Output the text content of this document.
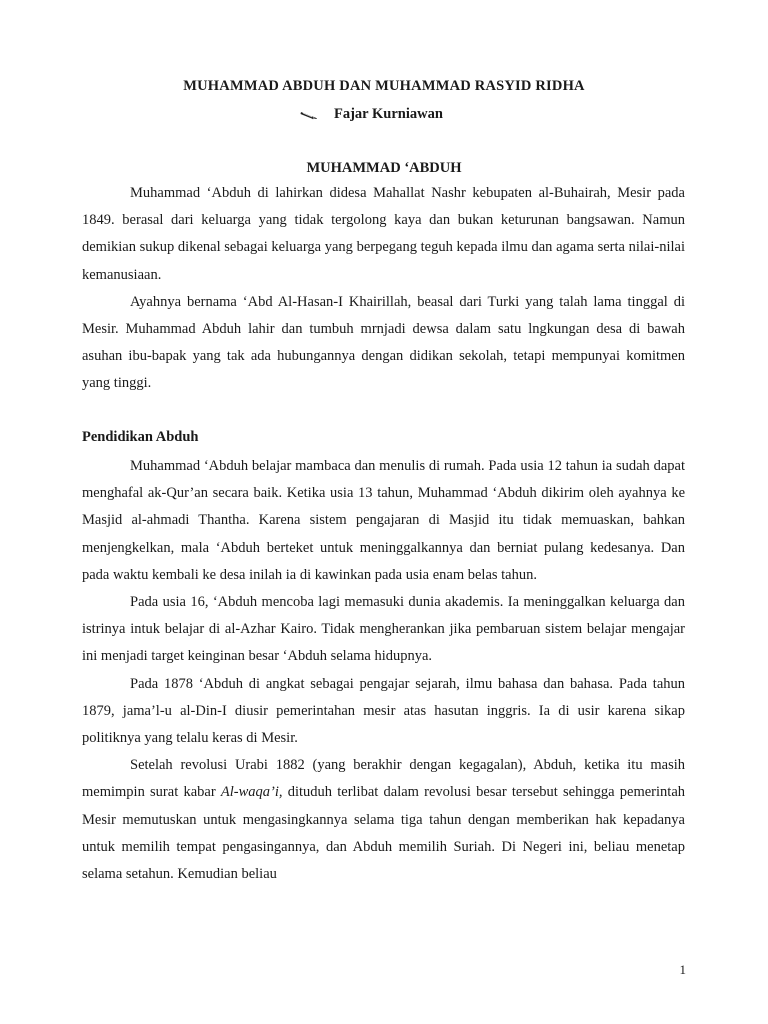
MUHAMMAD ABDUH DAN MUHAMMAD RASYID RIDHA
Fajar Kurniawan
MUHAMMAD ‘ABDUH

Muhammad ‘Abduh di lahirkan didesa Mahallat Nashr kebupaten al-Buhairah, Mesir pada 1849. berasal dari keluarga yang tidak tergolong kaya dan bukan keturunan bangsawan. Namun demikian sukup dikenal sebagai keluarga yang berpegang teguh kepada ilmu dan agama serta nilai-nilai kemanusiaan.

Ayahnya bernama ‘Abd Al-Hasan-I Khairillah, beasal dari Turki yang talah lama tinggal di Mesir. Muhammad Abduh lahir dan tumbuh mrnjadi dewsa dalam satu lngkungan desa di bawah asuhan ibu-bapak yang tak ada hubungannya dengan didikan sekolah, tetapi mempunyai komitmen yang tinggi.

Pendidikan Abduh

Muhammad ‘Abduh belajar mambaca dan menulis di rumah. Pada usia 12 tahun ia sudah dapat menghafal ak-Qur’an secara baik. Ketika usia 13 tahun, Muhammad ‘Abduh dikirim oleh ayahnya ke Masjid al-ahmadi Thantha. Karena sistem pengajaran di Masjid itu tidak memuaskan, bahkan menjengkelkan, mala ‘Abduh berteket untuk meninggalkannya dan berniat pulang kedesanya. Dan pada waktu kembali ke desa inilah ia di kawinkan pada usia enam belas tahun.

Pada usia 16, ‘Abduh mencoba lagi memasuki dunia akademis. Ia meninggalkan keluarga dan istrinya intuk belajar di al-Azhar Kairo. Tidak mengherankan jika pembaruan sistem belajar mengajar ini menjadi target keinginan besar ‘Abduh selama hidupnya.

Pada 1878 ‘Abduh di angkat sebagai pengajar sejarah, ilmu bahasa dan bahasa. Pada tahun 1879, jama’l-u al-Din-I diusir pemerintahan mesir atas hasutan inggris. Ia di usir karena sikap politiknya yang telalu keras di Mesir.

Setelah revolusi Urabi 1882 (yang berakhir dengan kegagalan), Abduh, ketika itu masih memimpin surat kabar Al-waqa’i, dituduh terlibat dalam revolusi besar tersebut sehingga pemerintah Mesir memutuskan untuk mengasingkannya selama tiga tahun dengan memberikan hak kepadanya untuk memilih tempat pengasingannya, dan Abduh memilih Suriah. Di Negeri ini, beliau menetap selama setahun. Kemudian beliau

1
